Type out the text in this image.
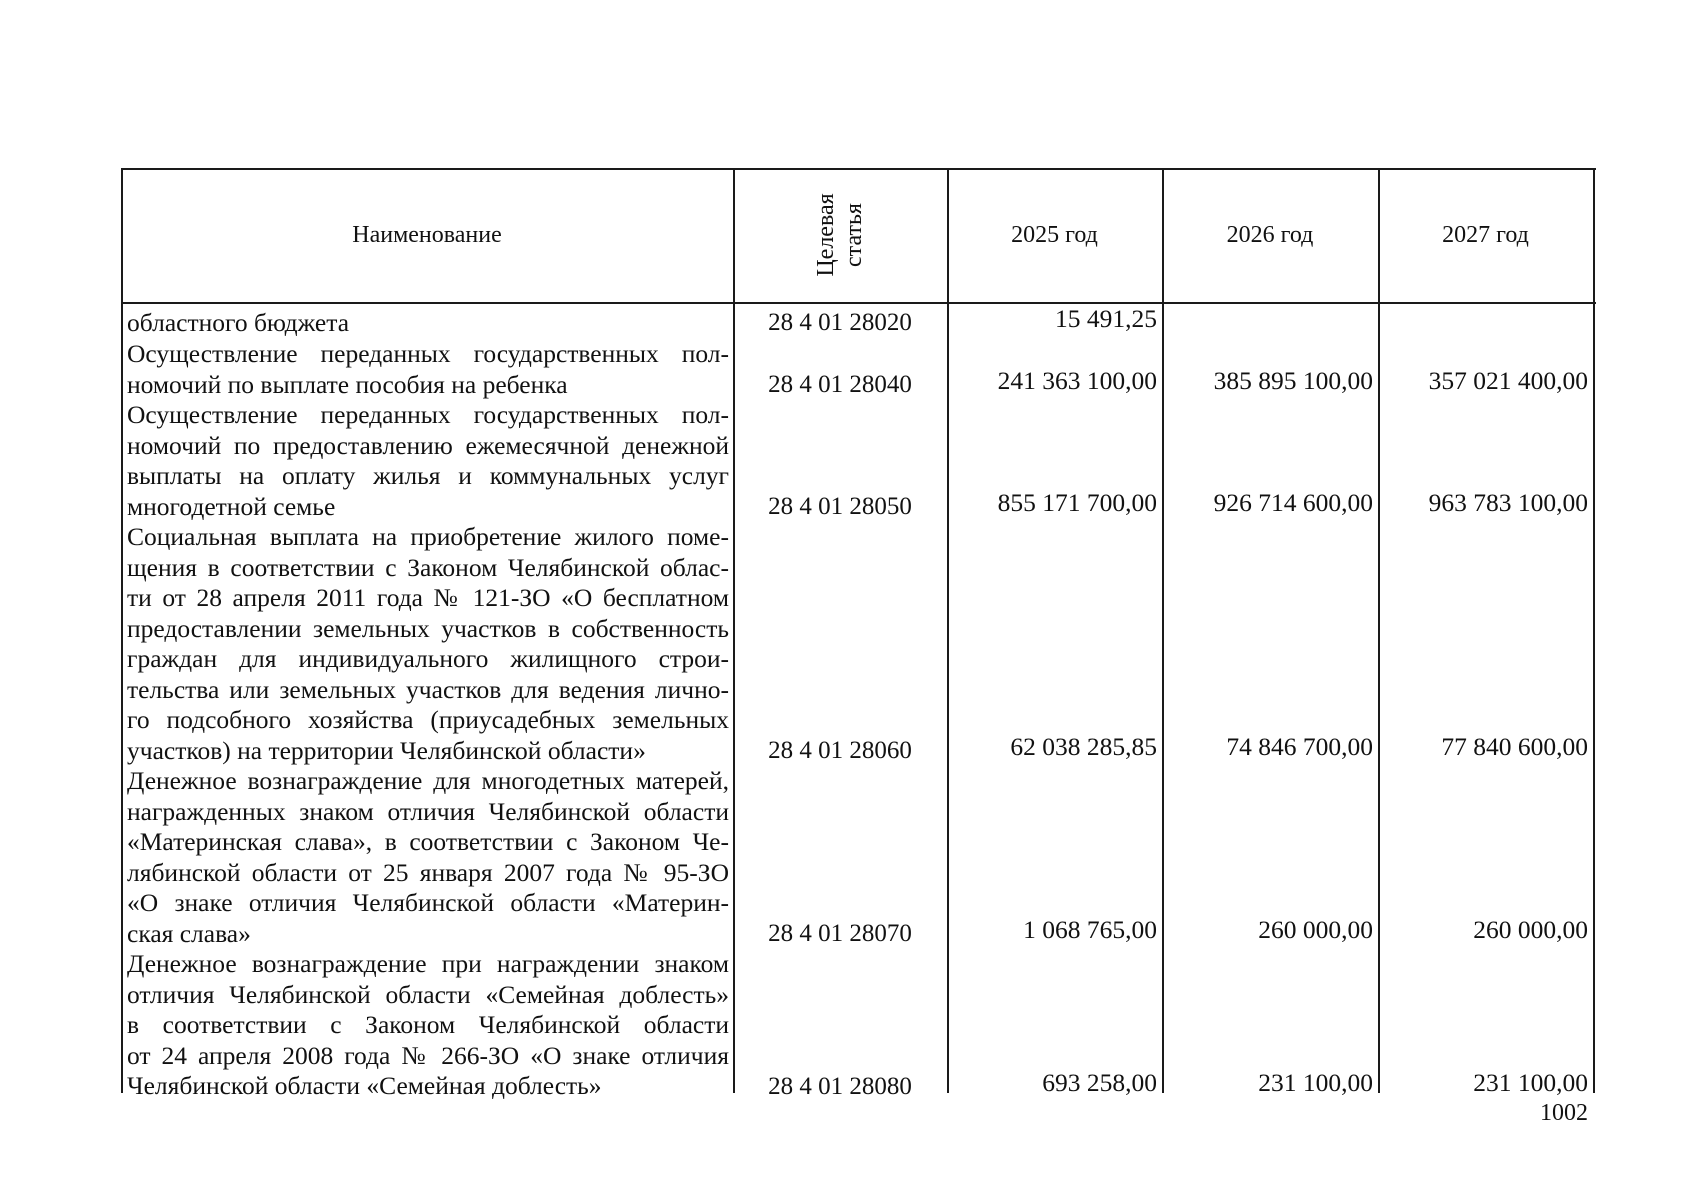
Наименование	Целевая статья	2025 год	2026 год	2027 год
областного бюджета	28 4 01 28020	15 491,25
Осуществление переданных государственных пол-
номочий по выплате пособия на ребенка	28 4 01 28040	241 363 100,00	385 895 100,00	357 021 400,00
Осуществление переданных государственных пол-
номочий по предоставлению ежемесячной денежной
выплаты на оплату жилья и коммунальных услуг
многодетной семье	28 4 01 28050	855 171 700,00	926 714 600,00	963 783 100,00
Социальная выплата на приобретение жилого поме-
щения в соответствии с Законом Челябинской облас-
ти от 28 апреля 2011 года № 121-ЗО «О бесплатном
предоставлении земельных участков в собственность
граждан для индивидуального жилищного строи-
тельства или земельных участков для ведения лично-
го подсобного хозяйства (приусадебных земельных
участков) на территории Челябинской области»	28 4 01 28060	62 038 285,85	74 846 700,00	77 840 600,00
Денежное вознаграждение для многодетных матерей,
награжденных знаком отличия Челябинской области
«Материнская слава», в соответствии с Законом Че-
лябинской области от 25 января 2007 года № 95-ЗО
«О знаке отличия Челябинской области «Материн-
ская слава»	28 4 01 28070	1 068 765,00	260 000,00	260 000,00
Денежное вознаграждение при награждении знаком
отличия Челябинской области «Семейная доблесть»
в соответствии с Законом Челябинской области
от 24 апреля 2008 года № 266-ЗО «О знаке отличия
Челябинской области «Семейная доблесть»	28 4 01 28080	693 258,00	231 100,00	231 100,00
1002
